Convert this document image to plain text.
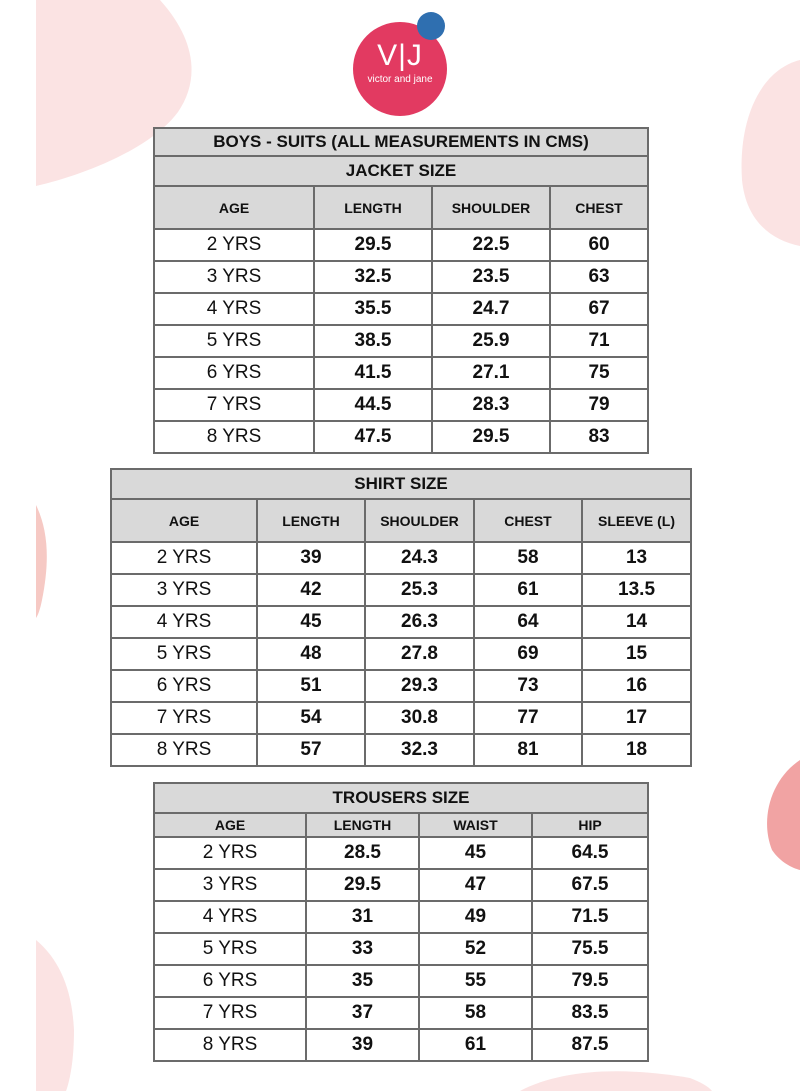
V|J
victor and jane
BOYS - SUITS (ALL MEASUREMENTS IN CMS)			
JACKET SIZE			
AGE	LENGTH	SHOULDER	CHEST
2 YRS	29.5	22.5	60
3 YRS	32.5	23.5	63
4 YRS	35.5	24.7	67
5 YRS	38.5	25.9	71
6 YRS	41.5	27.1	75
7 YRS	44.5	28.3	79
8 YRS	47.5	29.5	83
SHIRT SIZE				
AGE	LENGTH	SHOULDER	CHEST	SLEEVE (L)
2 YRS	39	24.3	58	13
3 YRS	42	25.3	61	13.5
4 YRS	45	26.3	64	14
5 YRS	48	27.8	69	15
6 YRS	51	29.3	73	16
7 YRS	54	30.8	77	17
8 YRS	57	32.3	81	18
TROUSERS SIZE			
AGE	LENGTH	WAIST	HIP
2 YRS	28.5	45	64.5
3 YRS	29.5	47	67.5
4 YRS	31	49	71.5
5 YRS	33	52	75.5
6 YRS	35	55	79.5
7 YRS	37	58	83.5
8 YRS	39	61	87.5
